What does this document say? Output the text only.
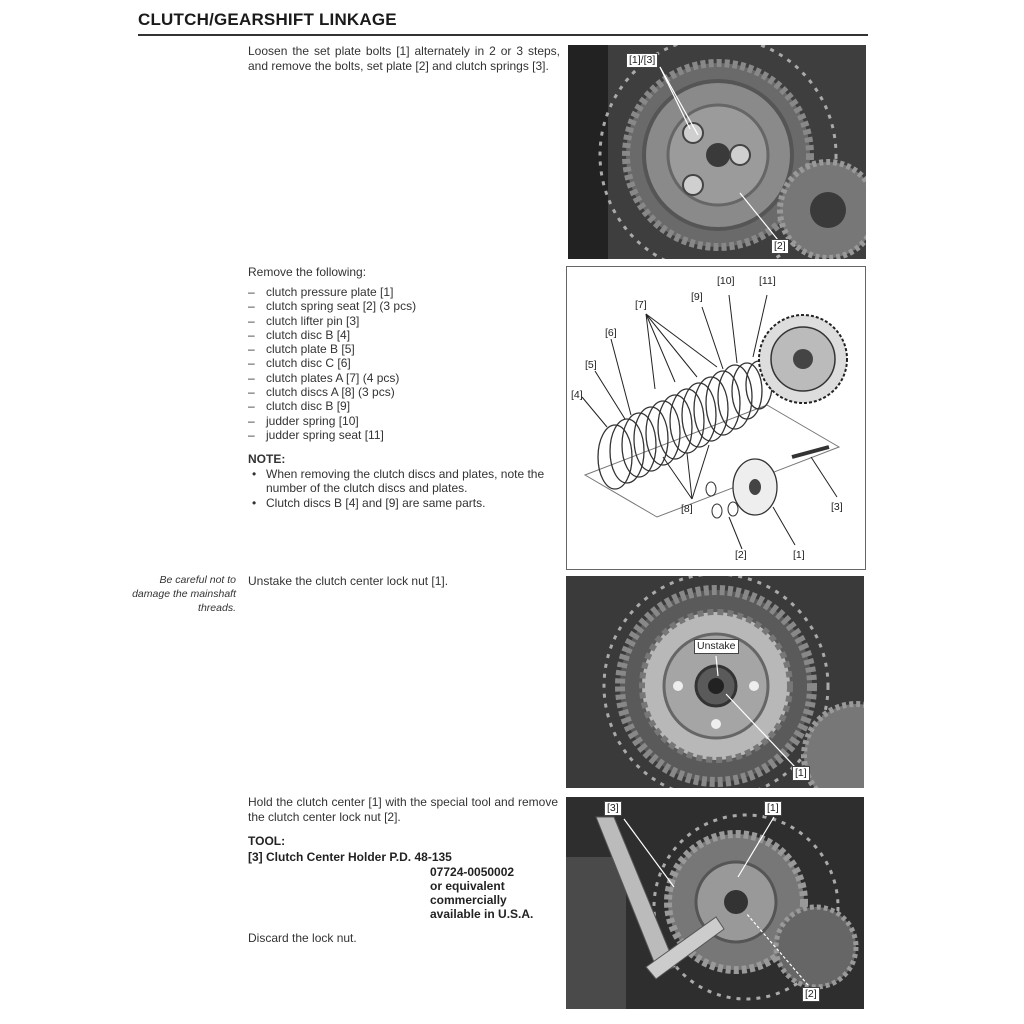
CLUTCH/GEARSHIFT LINKAGE
Loosen the set plate bolts [1] alternately in 2 or 3 steps, and remove the bolts, set plate [2] and clutch springs [3].	[1]/[3]
[2]
Remove the following:
– clutch pressure plate [1]
– clutch spring seat [2] (3 pcs)
– clutch lifter pin [3]
– clutch disc B [4]
– clutch plate B [5]
– clutch disc C [6]
– clutch plates A [7] (4 pcs)
– clutch discs A [8] (3 pcs)
– clutch disc B [9]
– judder spring [10]
– judder spring seat [11]
NOTE:
• When removing the clutch discs and plates, note the number of the clutch discs and plates.
• Clutch discs B [4] and [9] are same parts.	[3]
[4]
[5]
[6]
[7]
[8]
[9]
[10] [11]
[2]	[1]
Be careful not to damage the mainshaft threads.
Unstake the clutch center lock nut [1].
Unstake
[1]
Hold the clutch center [1] with the special tool and remove the clutch center lock nut [2].
TOOL:
[3] Clutch Center Holder P.D. 48-135
07724-0050002
or equivalent
commercially
available in U.S.A.
Discard the lock nut.
[3]	[1]
[2]
